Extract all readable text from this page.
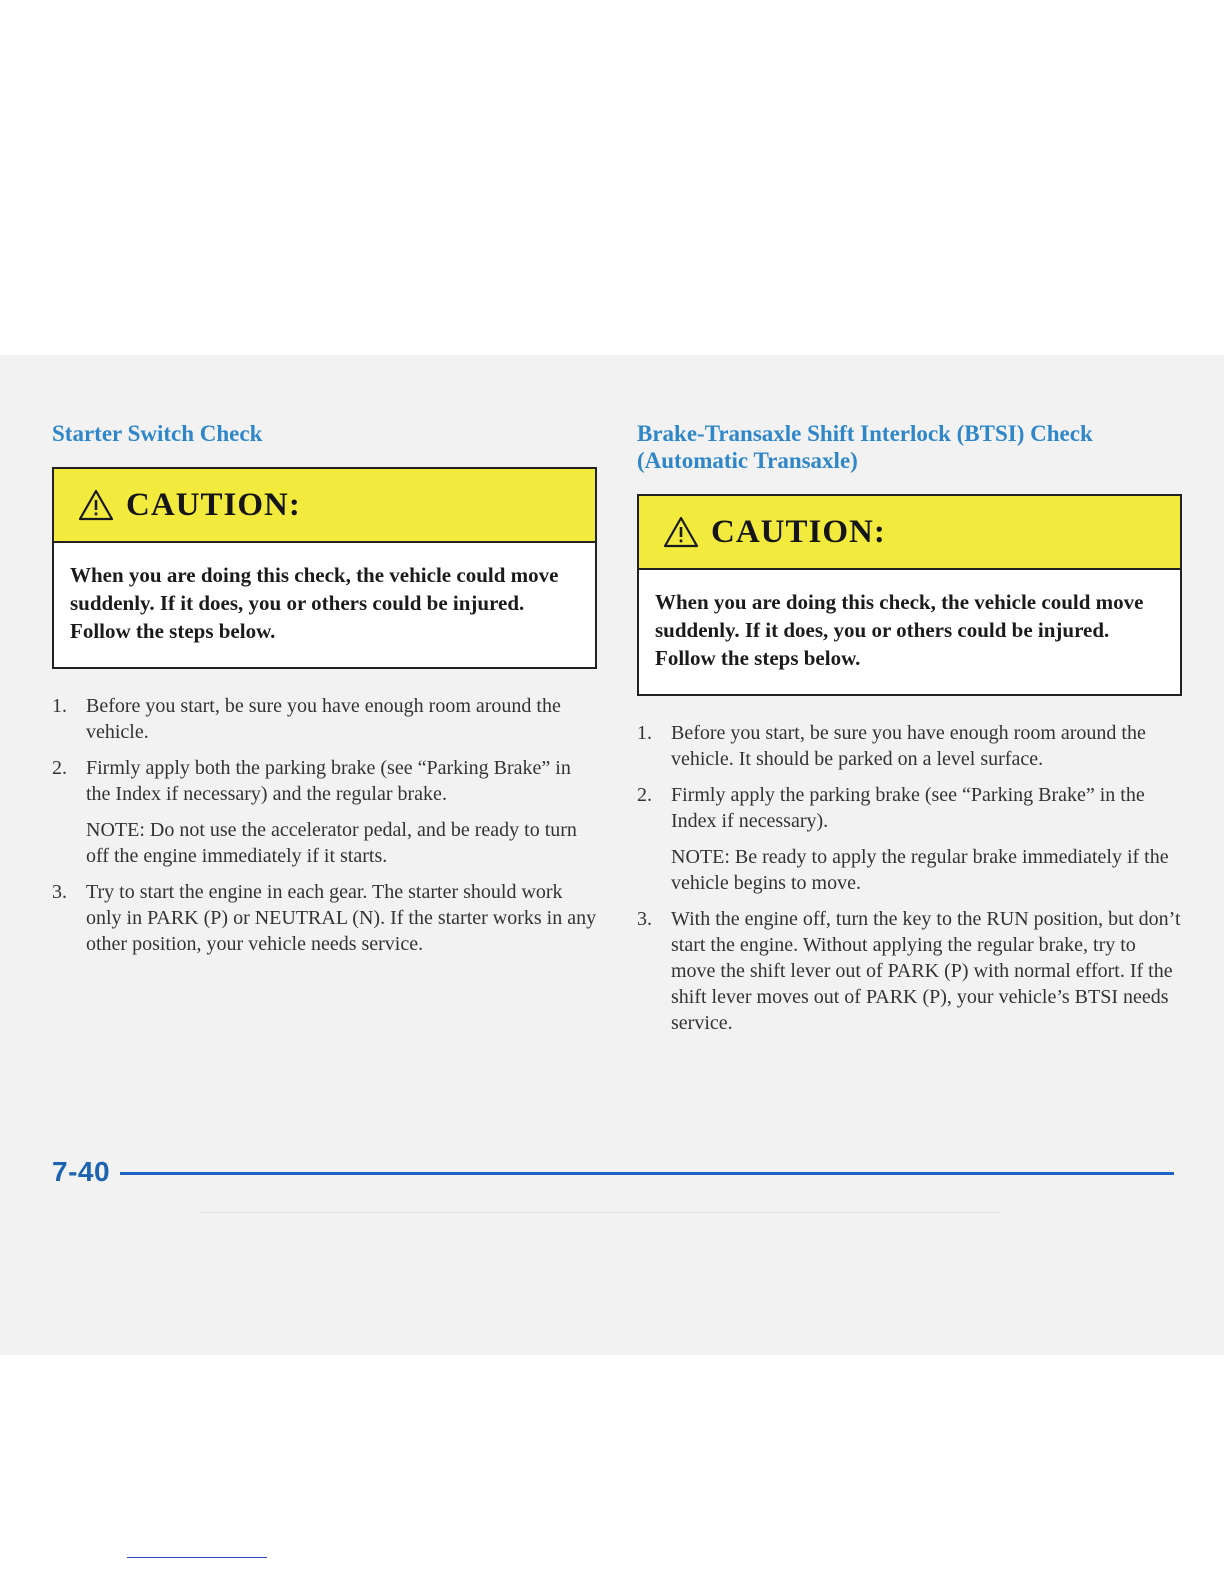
Starter Switch Check
CAUTION:
When you are doing this check, the vehicle could move suddenly. If it does, you or others could be injured. Follow the steps below.
1. Before you start, be sure you have enough room around the vehicle.
2. Firmly apply both the parking brake (see “Parking Brake” in the Index if necessary) and the regular brake.
NOTE: Do not use the accelerator pedal, and be ready to turn off the engine immediately if it starts.
3. Try to start the engine in each gear. The starter should work only in PARK (P) or NEUTRAL (N). If the starter works in any other position, your vehicle needs service.
Brake-Transaxle Shift Interlock (BTSI) Check (Automatic Transaxle)
CAUTION:
When you are doing this check, the vehicle could move suddenly. If it does, you or others could be injured. Follow the steps below.
1. Before you start, be sure you have enough room around the vehicle. It should be parked on a level surface.
2. Firmly apply the parking brake (see “Parking Brake” in the Index if necessary).
NOTE: Be ready to apply the regular brake immediately if the vehicle begins to move.
3. With the engine off, turn the key to the RUN position, but don’t start the engine. Without applying the regular brake, try to move the shift lever out of PARK (P) with normal effort. If the shift lever moves out of PARK (P), your vehicle’s BTSI needs service.
7-40
